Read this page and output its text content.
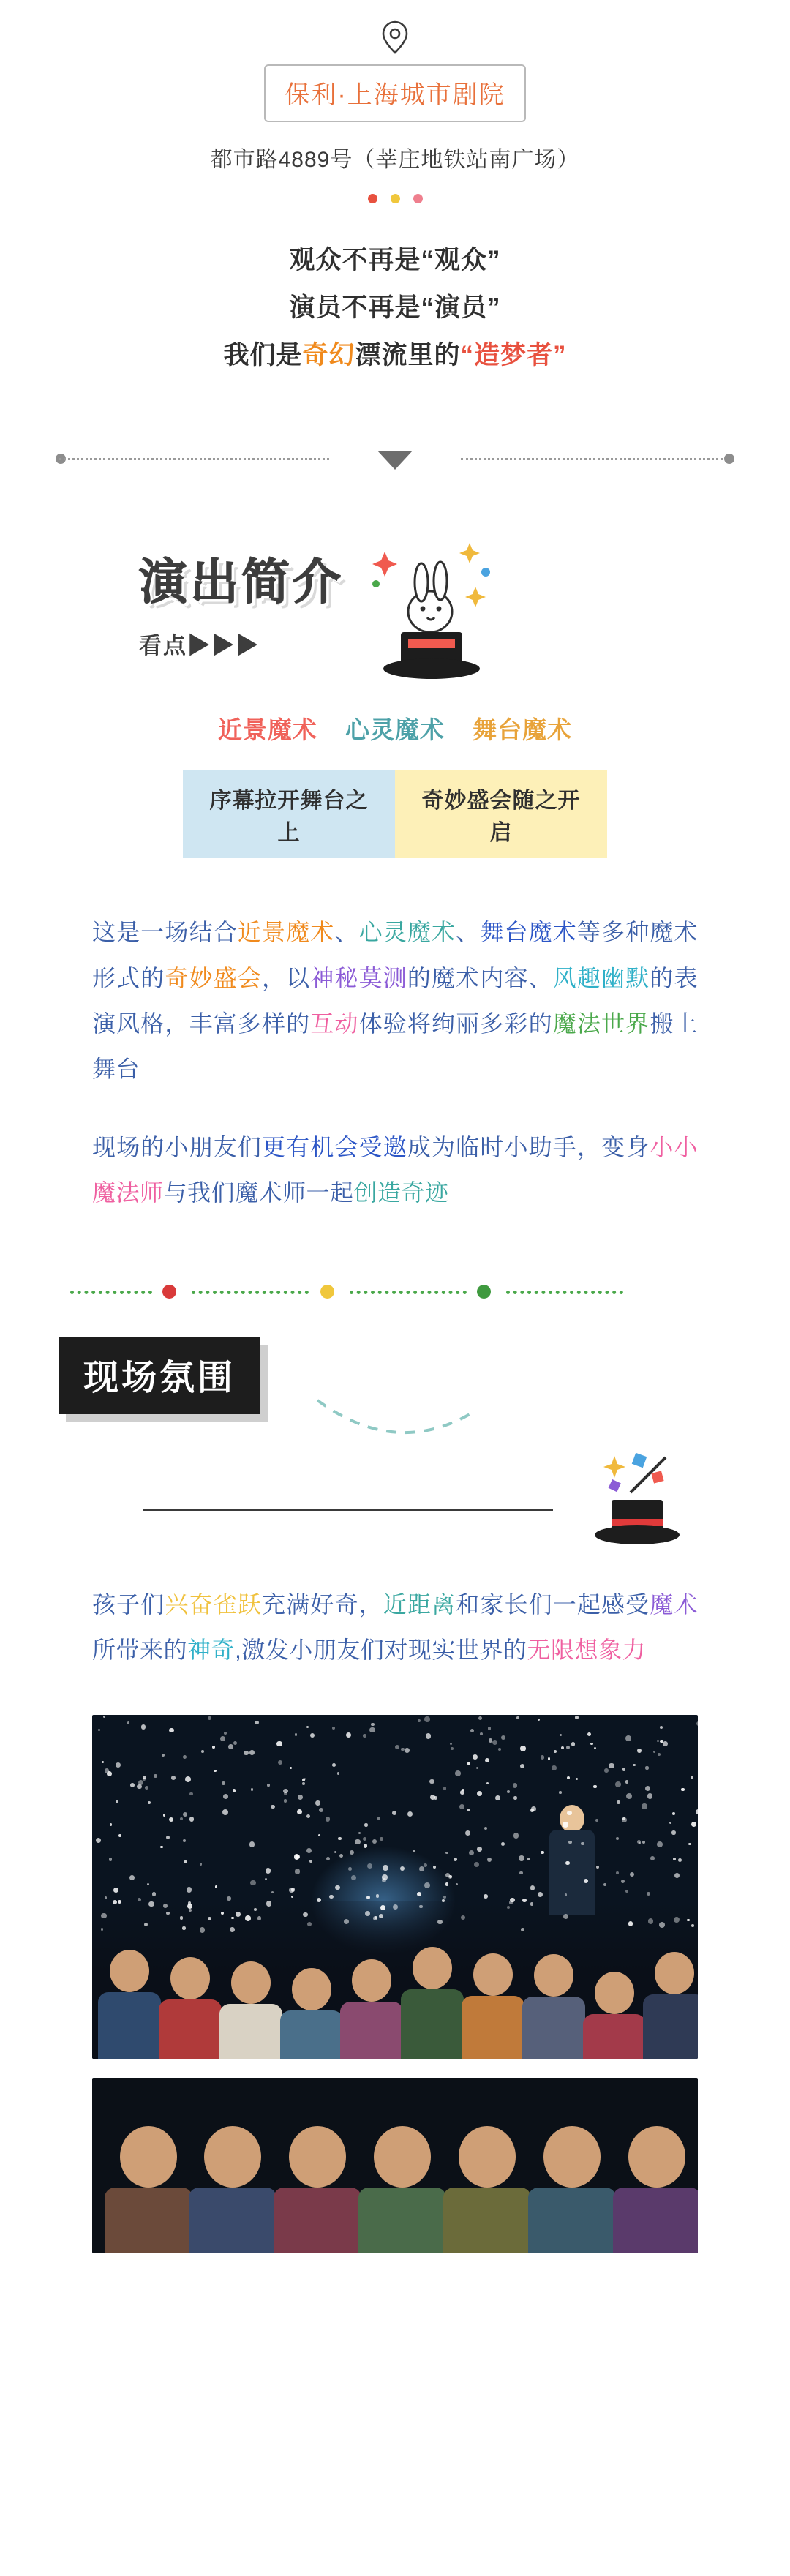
保利·上海城市剧院
都市路4889号（莘庄地铁站南广场）
观众不再是“观众”
演员不再是“演员”
我们是奇幻漂流里的“造梦者”
演出简介
看点▶▶▶
近景魔术 心灵魔术 舞台魔术
序幕拉开舞台之上
奇妙盛会随之开启

这是一场结合近景魔术、心灵魔术、舞台魔术等多种魔术形式的奇妙盛会，以神秘莫测的魔术内容、风趣幽默的表演风格，丰富多样的互动体验将绚丽多彩的魔法世界搬上舞台

现场的小朋友们更有机会受邀成为临时小助手，变身小小魔法师与我们魔术师一起创造奇迹

现场氛围

孩子们兴奋雀跃充满好奇，近距离和家长们一起感受魔术所带来的神奇,激发小朋友们对现实世界的无限想象力
